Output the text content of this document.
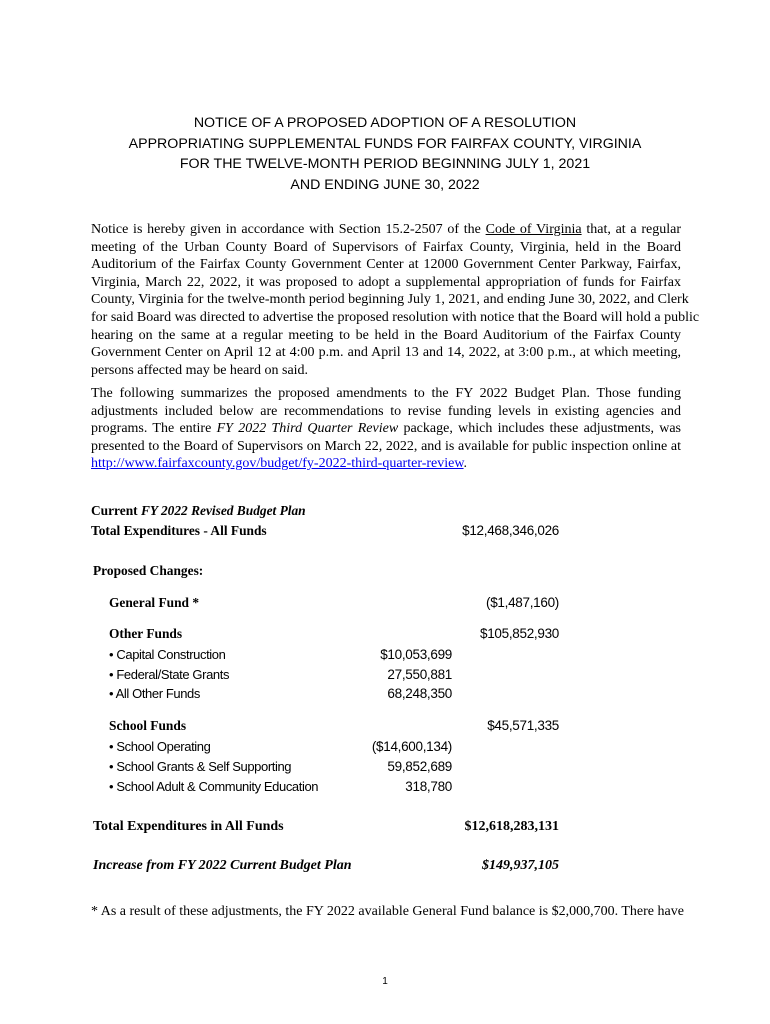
NOTICE OF A PROPOSED ADOPTION OF A RESOLUTION
APPROPRIATING SUPPLEMENTAL FUNDS FOR FAIRFAX COUNTY, VIRGINIA
FOR THE TWELVE-MONTH PERIOD BEGINNING JULY 1, 2021
AND ENDING JUNE 30, 2022
Notice is hereby given in accordance with Section 15.2-2507 of the Code of Virginia that, at a regular
meeting of the Urban County Board of Supervisors of Fairfax County, Virginia, held in the Board
Auditorium of the Fairfax County Government Center at 12000 Government Center Parkway, Fairfax,
Virginia, March 22, 2022, it was proposed to adopt a supplemental appropriation of funds for Fairfax
County, Virginia for the twelve-month period beginning July 1, 2021, and ending June 30, 2022, and Clerk
for said Board was directed to advertise the proposed resolution with notice that the Board will hold a public
hearing on the same at a regular meeting to be held in the Board Auditorium of the Fairfax County
Government Center on April 12 at 4:00 p.m. and April 13 and 14, 2022, at 3:00 p.m., at which meeting,
persons affected may be heard on said.
The following summarizes the proposed amendments to the FY 2022 Budget Plan. Those funding
adjustments included below are recommendations to revise funding levels in existing agencies and
programs. The entire FY 2022 Third Quarter Review package, which includes these adjustments, was
presented to the Board of Supervisors on March 22, 2022, and is available for public inspection online at
http://www.fairfaxcounty.gov/budget/fy-2022-third-quarter-review.
Current FY 2022 Revised Budget Plan
Total Expenditures - All Funds	$12,468,346,026
Proposed Changes:
General Fund *	($1,487,160)
Other Funds	$105,852,930
• Capital Construction	$10,053,699
• Federal/State Grants	27,550,881
• All Other Funds	68,248,350
School Funds	$45,571,335
• School Operating	($14,600,134)
• School Grants & Self Supporting	59,852,689
• School Adult & Community Education	318,780
Total Expenditures in All Funds	$12,618,283,131
Increase from FY 2022 Current Budget Plan	$149,937,105
* As a result of these adjustments, the FY 2022 available General Fund balance is $2,000,700. There have
1
